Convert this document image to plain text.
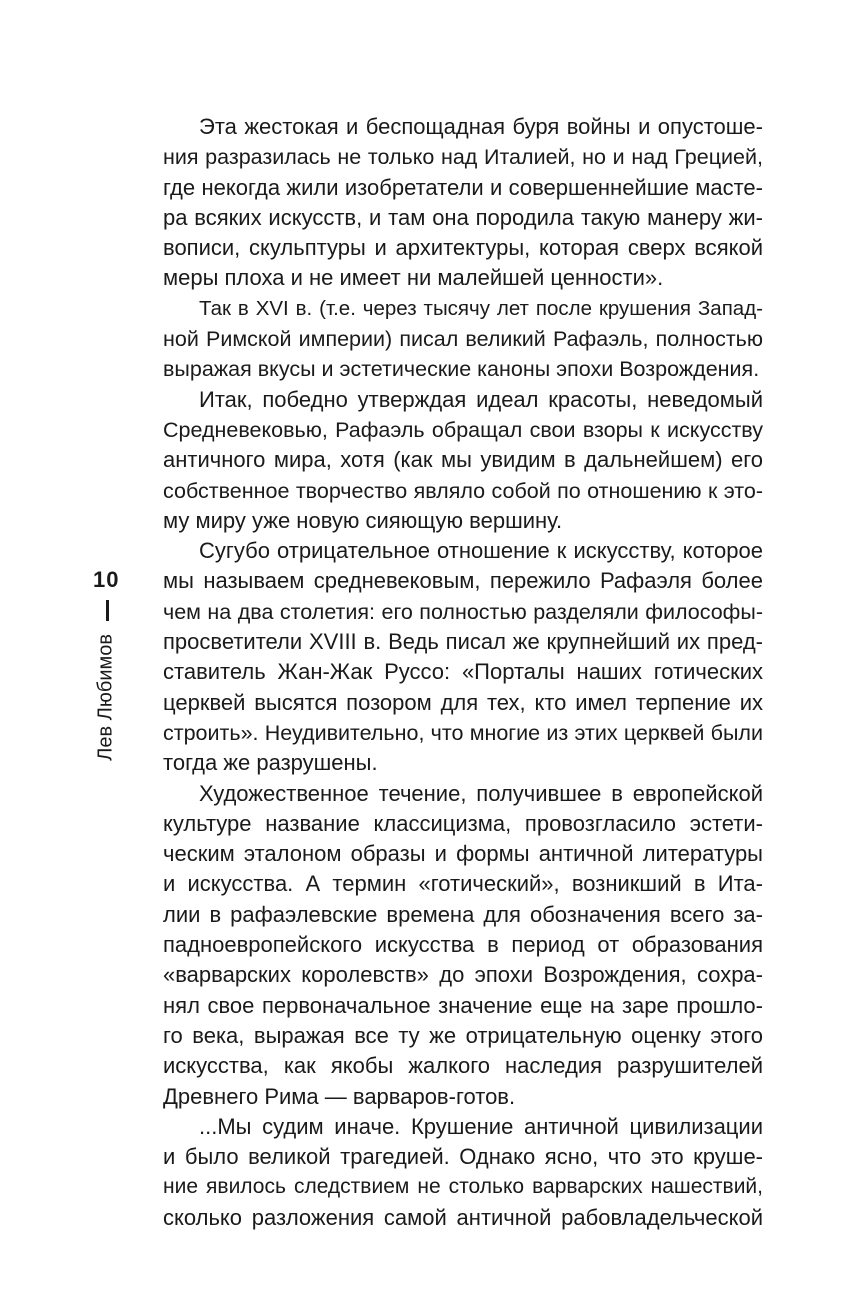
10
Лев Любимов
Эта жестокая и беспощадная буря войны и опустоше-
ния разразилась не только над Италией, но и над Грецией,
где некогда жили изобретатели и совершеннейшие масте-
ра всяких искусств, и там она породила такую манеру жи-
вописи, скульптуры и архитектуры, которая сверх всякой
меры плоха и не имеет ни малейшей ценности».
Так в XVI в. (т.е. через тысячу лет после крушения Запад-
ной Римской империи) писал великий Рафаэль, полностью
выражая вкусы и эстетические каноны эпохи Возрождения.
Итак, победно утверждая идеал красоты, неведомый
Средневековью, Рафаэль обращал свои взоры к искусству
античного мира, хотя (как мы увидим в дальнейшем) его
собственное творчество являло собой по отношению к это-
му миру уже новую сияющую вершину.
Сугубо отрицательное отношение к искусству, которое
мы называем средневековым, пережило Рафаэля более
чем на два столетия: его полностью разделяли философы-
просветители XVIII в. Ведь писал же крупнейший их пред-
ставитель Жан-Жак Руссо: «Порталы наших готических
церквей высятся позором для тех, кто имел терпение их
строить». Неудивительно, что многие из этих церквей были
тогда же разрушены.
Художественное течение, получившее в европейской
культуре название классицизма, провозгласило эстети-
ческим эталоном образы и формы античной литературы
и искусства. А термин «готический», возникший в Ита-
лии в рафаэлевские времена для обозначения всего за-
падноевропейского искусства в период от образования
«варварских королевств» до эпохи Возрождения, сохра-
нял свое первоначальное значение еще на заре прошло-
го века, выражая все ту же отрицательную оценку этого
искусства, как якобы жалкого наследия разрушителей
Древнего Рима — варваров-готов.
...Мы судим иначе. Крушение античной цивилизации
и было великой трагедией. Однако ясно, что это круше-
ние явилось следствием не столько варварских нашествий,
сколько разложения самой античной рабовладельческой
